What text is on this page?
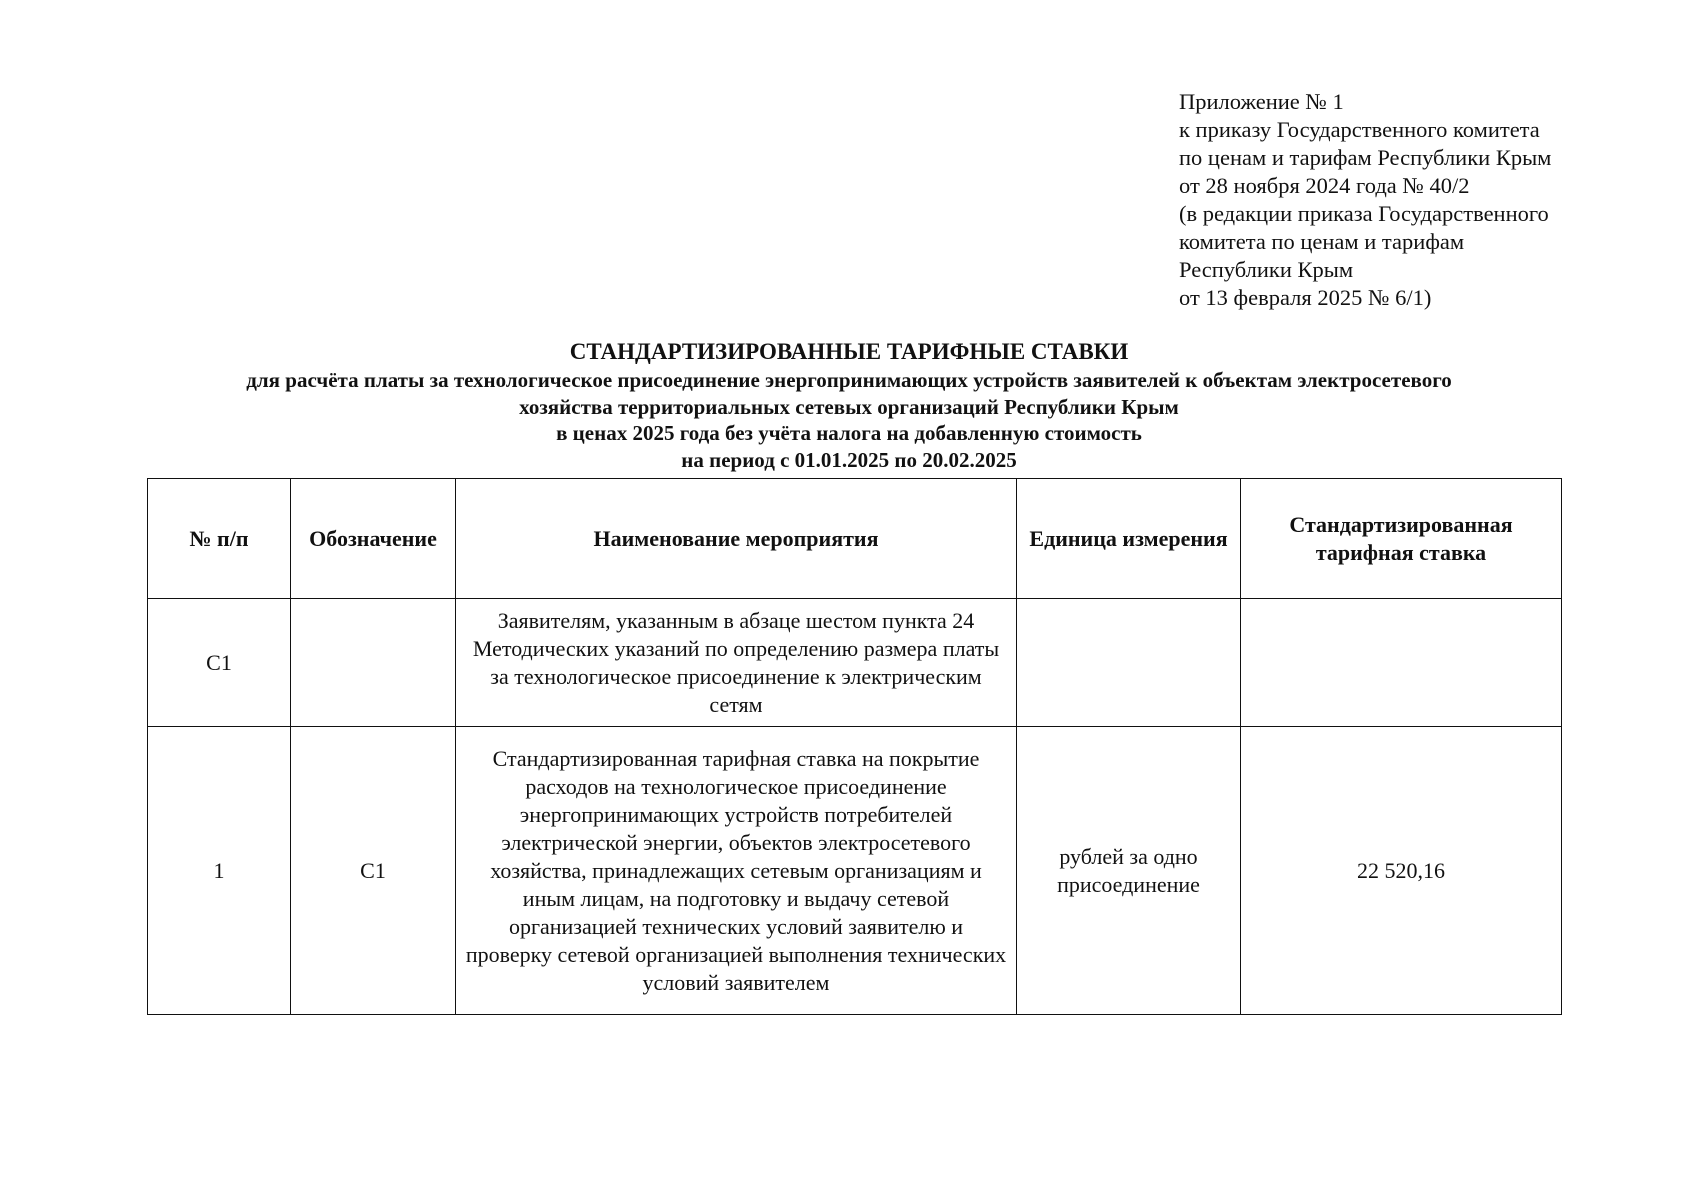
Приложение № 1
к приказу Государственного комитета
по ценам и тарифам Республики Крым
от 28 ноября 2024 года № 40/2
(в редакции приказа Государственного
комитета по ценам и тарифам
Республики Крым
от 13 февраля 2025 № 6/1)
СТАНДАРТИЗИРОВАННЫЕ ТАРИФНЫЕ СТАВКИ
для расчёта платы за технологическое присоединение энергопринимающих устройств заявителей к объектам электросетевого
хозяйства территориальных сетевых организаций Республики Крым
в ценах 2025 года без учёта налога на добавленную стоимость
на период с 01.01.2025 по 20.02.2025
№ п/п	Обозначение	Наименование мероприятия	Единица измерения	Стандартизированная тарифная ставка
С1		Заявителям, указанным в абзаце шестом пункта 24 Методических указаний по определению размера платы за технологическое присоединение к электрическим сетям		
1	С1	Стандартизированная тарифная ставка на покрытие расходов на технологическое присоединение энергопринимающих устройств потребителей электрической энергии, объектов электросетевого хозяйства, принадлежащих сетевым организациям и иным лицам, на подготовку и выдачу сетевой организацией технических условий заявителю и проверку сетевой организацией выполнения технических условий заявителем	рублей за одно присоединение	22 520,16
